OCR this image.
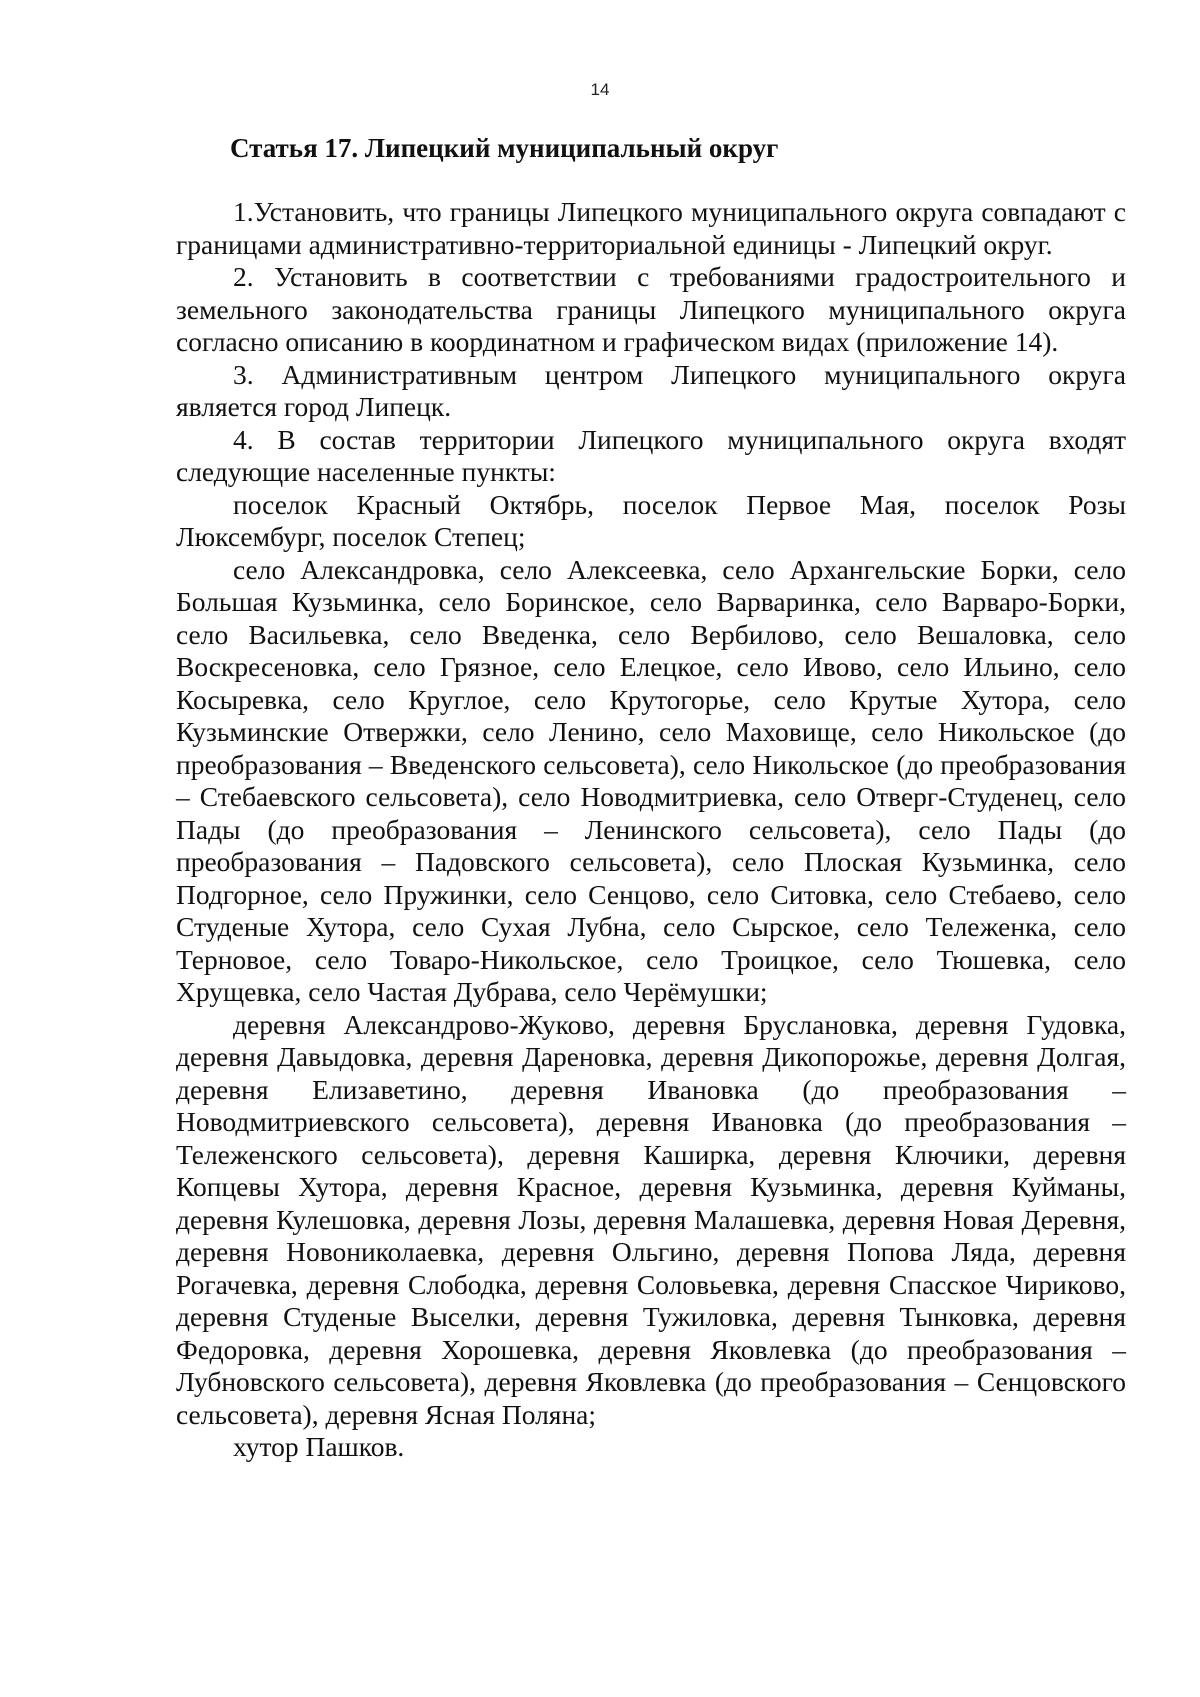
14
Статья 17. Липецкий муниципальный округ

1.Установить, что границы Липецкого муниципального округа совпадают с границами административно-территориальной единицы - Липецкий округ.

2. Установить в соответствии с требованиями градостроительного и земельного законодательства границы Липецкого муниципального округа согласно описанию в координатном и графическом видах (приложение 14).

3. Административным центром Липецкого муниципального округа является город Липецк.

4. В состав территории Липецкого муниципального округа входят следующие населенные пункты:

поселок Красный Октябрь, поселок Первое Мая, поселок Розы Люксембург, поселок Степец;

село Александровка, село Алексеевка, село Архангельские Борки, село Большая Кузьминка, село Боринское, село Варваринка, село Варваро-Борки, село Васильевка, село Введенка, село Вербилово, село Вешаловка, село Воскресеновка, село Грязное, село Елецкое, село Ивово, село Ильино, село Косыревка, село Круглое, село Крутогорье, село Крутые Хутора, село Кузьминские Отвержки, село Ленино, село Маховище, село Никольское (до преобразования – Введенского сельсовета), село Никольское (до преобразования – Стебаевского сельсовета), село Новодмитриевка, село Отверг-Студенец, село Пады (до преобразования – Ленинского сельсовета), село Пады (до преобразования – Падовского сельсовета), село Плоская Кузьминка, село Подгорное, село Пружинки, село Сенцово, село Ситовка, село Стебаево, село Студеные Хутора, село Сухая Лубна, село Сырское, село Тележенка, село Терновое, село Товаро-Никольское, село Троицкое, село Тюшевка, село Хрущевка, село Частая Дубрава, село Черёмушки;

деревня Александрово-Жуково, деревня Бруслановка, деревня Гудовка, деревня Давыдовка, деревня Дареновка, деревня Дикопорожье, деревня Долгая, деревня Елизаветино, деревня Ивановка (до преобразования – Новодмитриевского сельсовета), деревня Ивановка (до преобразования – Тележенского сельсовета), деревня Каширка, деревня Ключики, деревня Копцевы Хутора, деревня Красное, деревня Кузьминка, деревня Куйманы, деревня Кулешовка, деревня Лозы, деревня Малашевка, деревня Новая Деревня, деревня Новониколаевка, деревня Ольгино, деревня Попова Ляда, деревня Рогачевка, деревня Слободка, деревня Соловьевка, деревня Спасское Чириково, деревня Студеные Выселки, деревня Тужиловка, деревня Тынковка, деревня Федоровка, деревня Хорошевка, деревня Яковлевка (до преобразования – Лубновского сельсовета), деревня Яковлевка (до преобразования – Сенцовского сельсовета), деревня Ясная Поляна;

хутор Пашков.
